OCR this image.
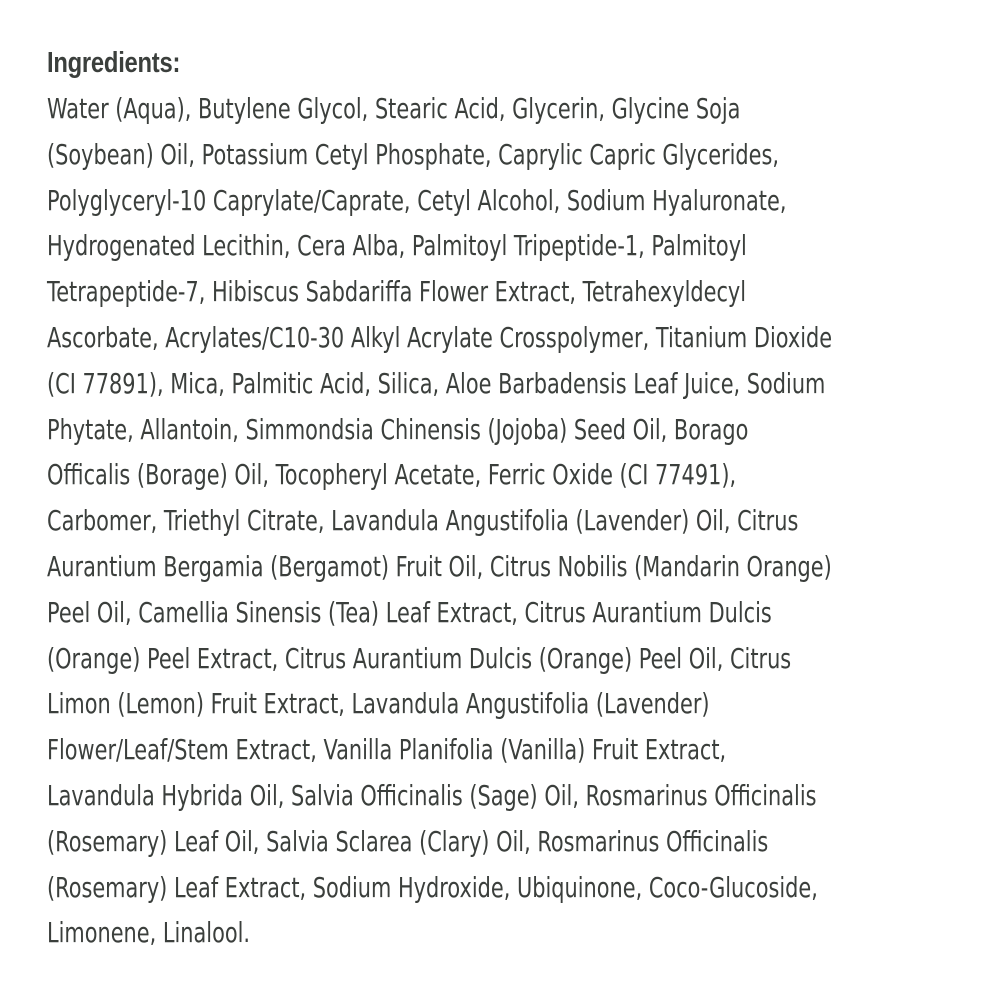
Ingredients:
Water (Aqua), Butylene Glycol, Stearic Acid, Glycerin, Glycine Soja
(Soybean) Oil, Potassium Cetyl Phosphate, Caprylic Capric Glycerides,
Polyglyceryl-10 Caprylate/Caprate, Cetyl Alcohol, Sodium Hyaluronate,
Hydrogenated Lecithin, Cera Alba, Palmitoyl Tripeptide-1, Palmitoyl
Tetrapeptide-7, Hibiscus Sabdariffa Flower Extract, Tetrahexyldecyl
Ascorbate, Acrylates/C10-30 Alkyl Acrylate Crosspolymer, Titanium Dioxide
(CI 77891), Mica, Palmitic Acid, Silica, Aloe Barbadensis Leaf Juice, Sodium
Phytate, Allantoin, Simmondsia Chinensis (Jojoba) Seed Oil, Borago
Officalis (Borage) Oil, Tocopheryl Acetate, Ferric Oxide (CI 77491),
Carbomer, Triethyl Citrate, Lavandula Angustifolia (Lavender) Oil, Citrus
Aurantium Bergamia (Bergamot) Fruit Oil, Citrus Nobilis (Mandarin Orange)
Peel Oil, Camellia Sinensis (Tea) Leaf Extract, Citrus Aurantium Dulcis
(Orange) Peel Extract, Citrus Aurantium Dulcis (Orange) Peel Oil, Citrus
Limon (Lemon) Fruit Extract, Lavandula Angustifolia (Lavender)
Flower/Leaf/Stem Extract, Vanilla Planifolia (Vanilla) Fruit Extract,
Lavandula Hybrida Oil, Salvia Officinalis (Sage) Oil, Rosmarinus Officinalis
(Rosemary) Leaf Oil, Salvia Sclarea (Clary) Oil, Rosmarinus Officinalis
(Rosemary) Leaf Extract, Sodium Hydroxide, Ubiquinone, Coco-Glucoside,
Limonene, Linalool.
